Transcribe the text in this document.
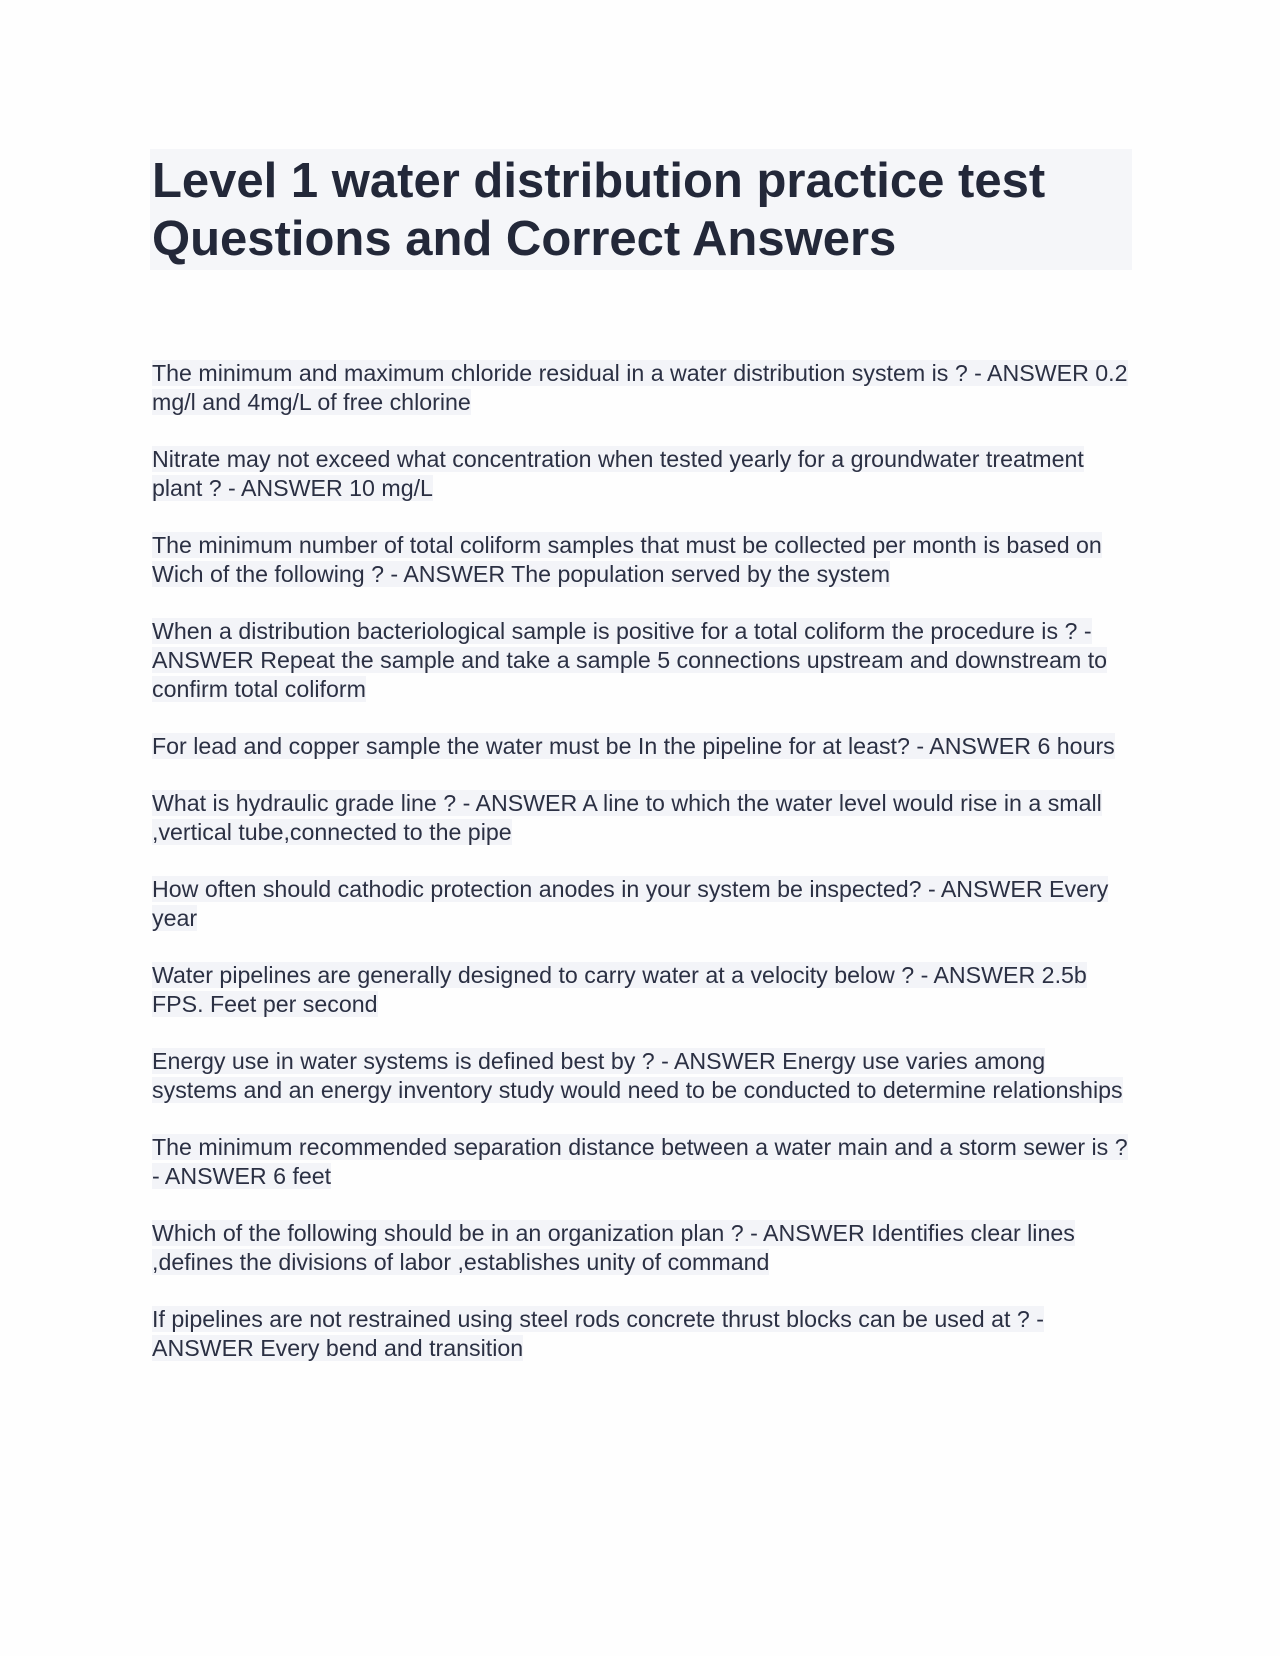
Level 1 water distribution practice test Questions and Correct Answers

The minimum and maximum chloride residual in a water distribution system is ? - ANSWER 0.2 mg/l and 4mg/L of free chlorine

Nitrate may not exceed what concentration when tested yearly for a groundwater treatment plant ? - ANSWER 10 mg/L

The minimum number of total coliform samples that must be collected per month is based on Wich of the following ? - ANSWER The population served by the system

When a distribution bacteriological sample is positive for a total coliform the procedure is ? - ANSWER Repeat the sample and take a sample 5 connections upstream and downstream to confirm total coliform

For lead and copper sample the water must be In the pipeline for at least? - ANSWER 6 hours

What is hydraulic grade line ? - ANSWER A line to which the water level would rise in a small ,vertical tube,connected to the pipe

How often should cathodic protection anodes in your system be inspected? - ANSWER Every year

Water pipelines are generally designed to carry water at a velocity below ? - ANSWER 2.5b FPS. Feet per second

Energy use in water systems is defined best by ? - ANSWER Energy use varies among systems and an energy inventory study would need to be conducted to determine relationships

The minimum recommended separation distance between a water main and a storm sewer is ? - ANSWER 6 feet

Which of the following should be in an organization plan ? - ANSWER Identifies clear lines ,defines the divisions of labor ,establishes unity of command

If pipelines are not restrained using steel rods concrete thrust blocks can be used at ? - ANSWER Every bend and transition
